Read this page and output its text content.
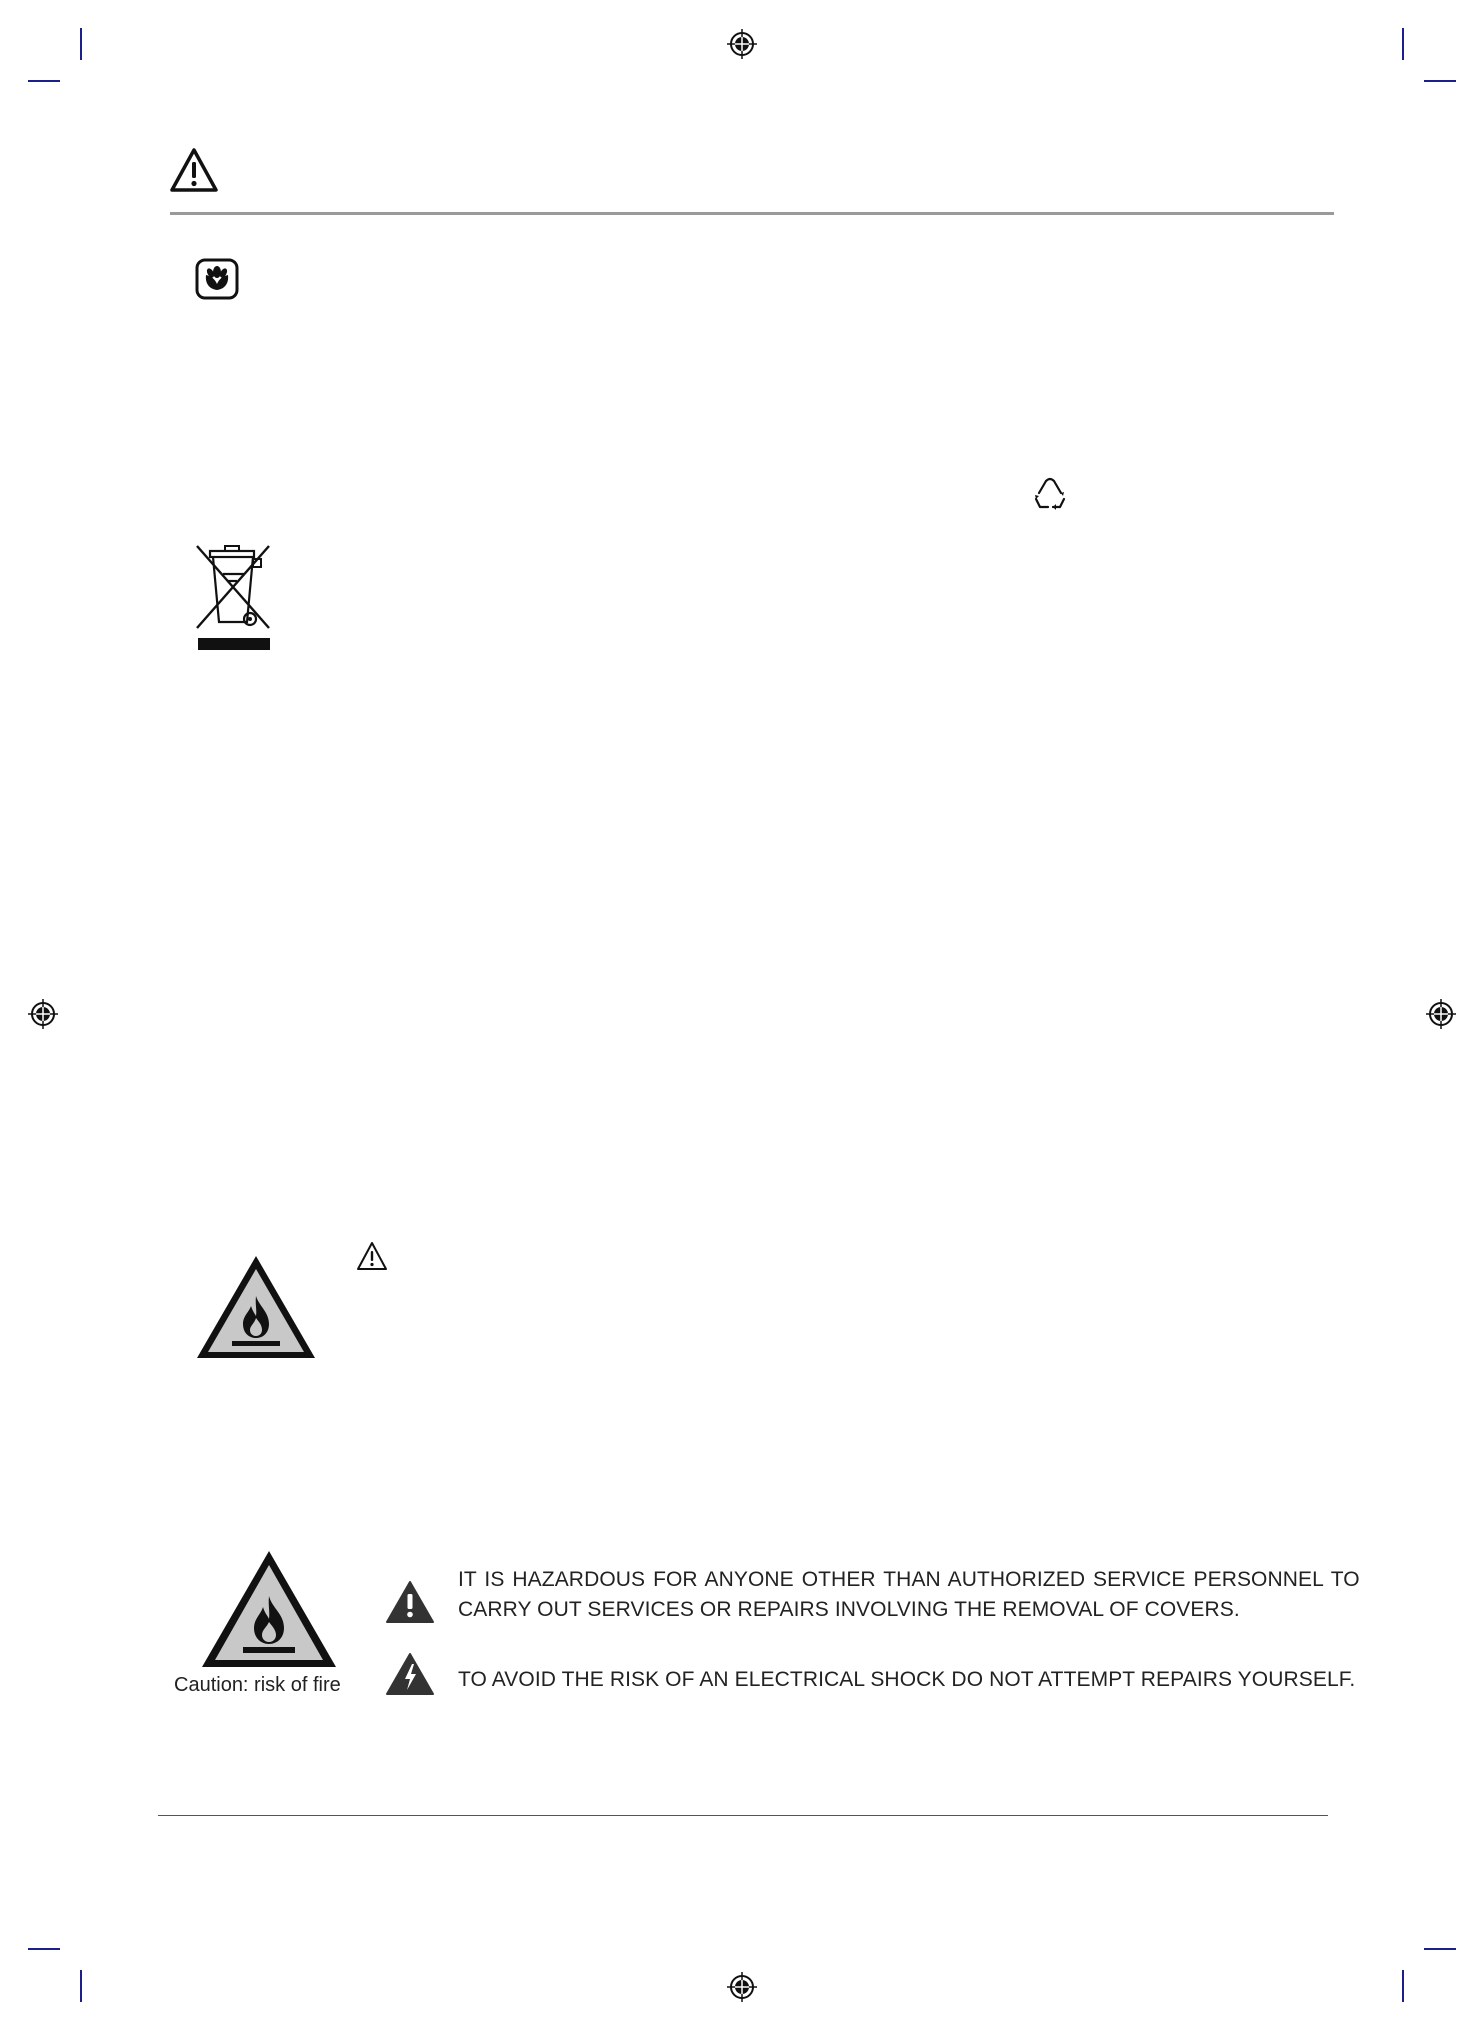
Caution: risk of fire
IT IS HAZARDOUS FOR ANYONE OTHER THAN AUTHORIZED SERVICE PERSONNEL TO
CARRY OUT SERVICES OR REPAIRS INVOLVING THE REMOVAL OF COVERS.
TO AVOID THE RISK OF AN ELECTRICAL SHOCK DO NOT ATTEMPT REPAIRS YOURSELF.
